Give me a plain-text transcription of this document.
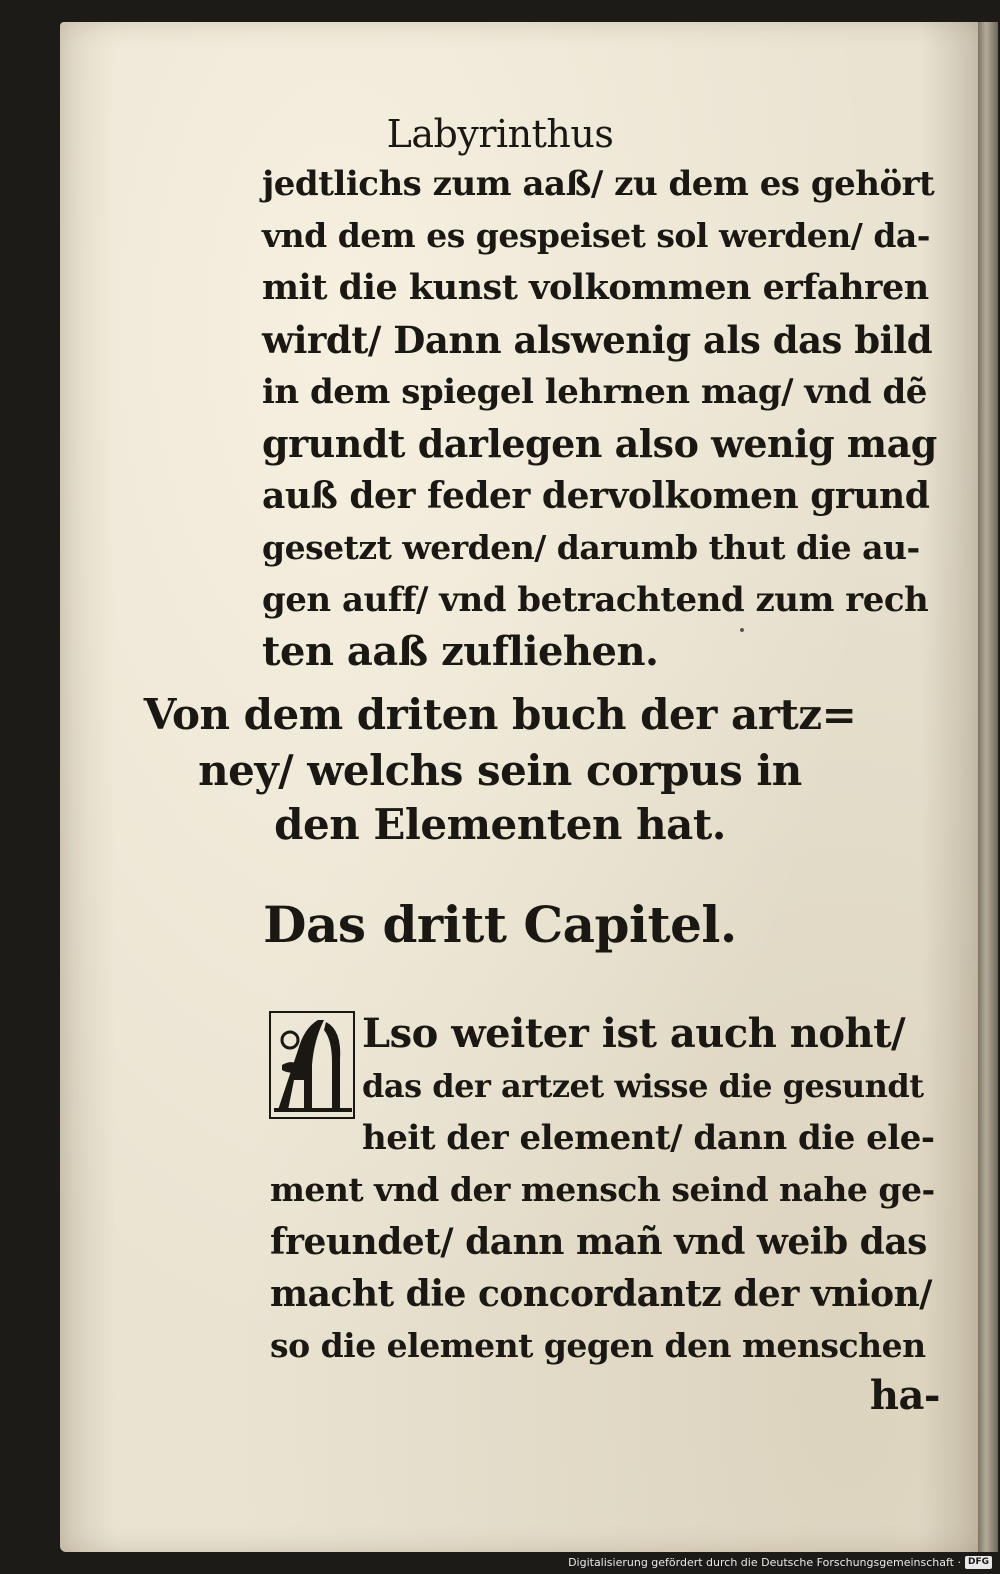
Labyrinthus
jedtlichs zum aaß/ zu dem es gehört
vnd dem es gespeiset sol werden/ da-
mit die kunst volkommen erfahren
wirdt/ Dann alswenig als das bild
in dem spiegel lehrnen mag/ vnd dẽ
grundt darlegen also wenig mag
auß der feder dervolkomen grund
gesetzt werden/ darumb thut die au-
gen auff/ vnd betrachtend zum rech
ten aaß zufliehen.
Von dem driten buch der artz=
ney/ welchs sein corpus in
den Elementen hat.
Das dritt Capitel.
Lso weiter ist auch noht/
das der artzet wisse die gesundt
heit der element/ dann die ele-
ment vnd der mensch seind nahe ge-
freundet/ dann mañ vnd weib das
macht die concordantz der vnion/
so die element gegen den menschen
ha-
Digitalisierung gefördert durch die Deutsche Forschungsgemeinschaft · DFG
